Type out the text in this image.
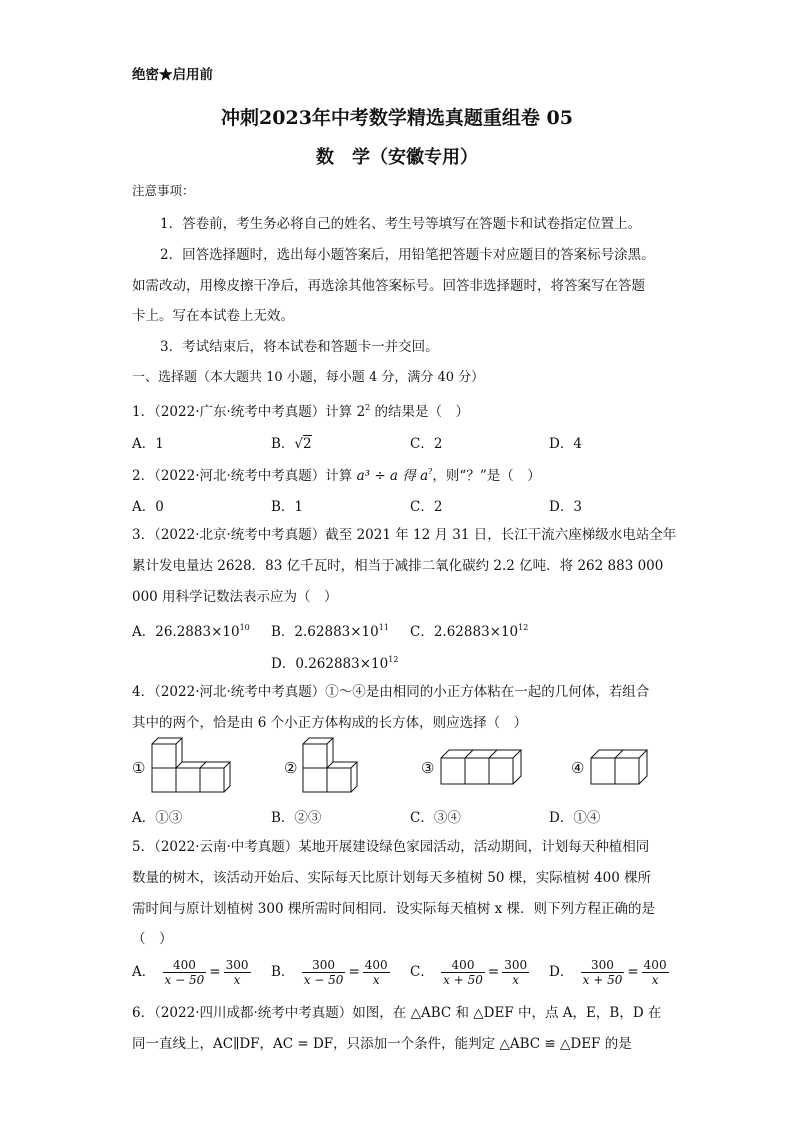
绝密★启用前
冲刺2023年中考数学精选真题重组卷 05
数　学（安徽专用）
注意事项：
1．答卷前，考生务必将自己的姓名、考生号等填写在答题卡和试卷指定位置上。
2．回答选择题时，选出每小题答案后，用铅笔把答题卡对应题目的答案标号涂黑。
如需改动，用橡皮擦干净后，再选涂其他答案标号。回答非选择题时，将答案写在答题
卡上。写在本试卷上无效。
3．考试结束后，将本试卷和答题卡一并交回。
一、选择题（本大题共 10 小题，每小题 4 分，满分 40 分）
1．（2022·广东·统考中考真题）计算 $2^2$ 的结果是（　）
A．1	B．√2	C．2	D．4
2．（2022·河北·统考中考真题）计算 a³ ÷ a 得 a?，则“？”是（　）
A．0	B．1	C．2	D．3
3．（2022·北京·统考中考真题）截至 2021 年 12 月 31 日，长江干流六座梯级水电站全年
累计发电量达 2628．83 亿千瓦时，相当于减排二氧化碳约 2.2 亿吨．将 262 883 000
000 用科学记数法表示应为（　）
A．$26.2883\times 10^{10}$ B．$2.62883\times 10^{11}$ C．$2.62883\times 10^{12}$
D．$0.262883\times 10^{12}$
4．（2022·河北·统考中考真题）①～④是由相同的小正方体粘在一起的几何体，若组合
其中的两个，恰是由 6 个小正方体构成的长方体，则应选择（　）
①	②	③	④
A．①③	B．②③	C．③④	D．①④
5．（2022·云南·中考真题）某地开展建设绿色家园活动，活动期间，计划每天种植相同
数量的树木，该活动开始后、实际每天比原计划每天多植树 50 棵，实际植树 400 棵所
需时间与原计划植树 300 棵所需时间相同．设实际每天植树 x 棵．则下列方程正确的是
（　）
A． $\frac{400}{x - 50} = \frac{300}{x}$ B． $\frac{300}{x - 50} = \frac{400}{x}$ C． $\frac{400}{x + 50} = \frac{300}{x}$ D． $\frac{300}{x + 50} = \frac{400}{x}$
6．（2022·四川成都·统考中考真题）如图，在 △ABC 和 △DEF 中，点 A，E，B，D 在
同一直线上，AC∥DF，AC = DF，只添加一个条件，能判定 △ABC ≌ △DEF 的是
